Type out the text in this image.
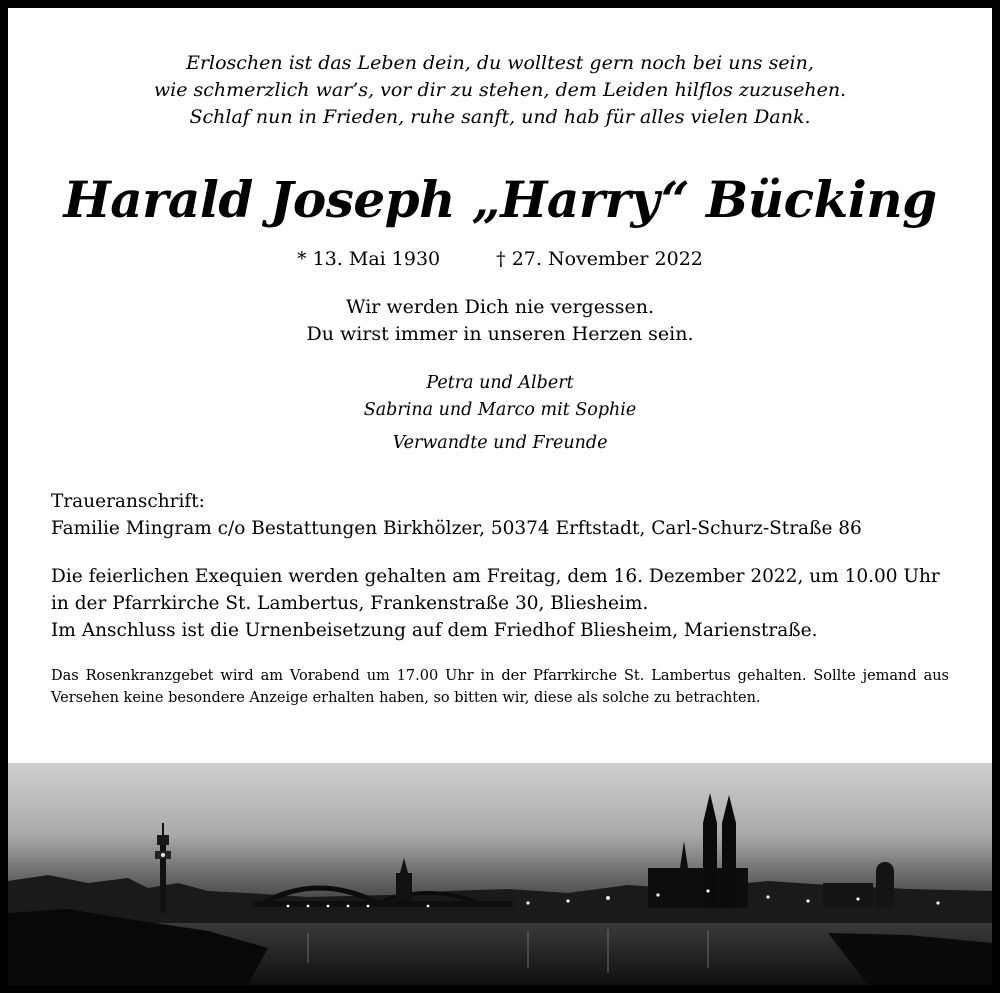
Erloschen ist das Leben dein, du wolltest gern noch bei uns sein,
wie schmerzlich war’s, vor dir zu stehen, dem Leiden hilflos zuzusehen.
Schlaf nun in Frieden, ruhe sanft, und hab für alles vielen Dank.
Harald Joseph „Harry“ Bücking
* 13. Mai 1930	† 27. November 2022
Wir werden Dich nie vergessen.
Du wirst immer in unseren Herzen sein.
Petra und Albert
Sabrina und Marco mit Sophie
Verwandte und Freunde
Traueranschrift:
Familie Mingram c/o Bestattungen Birkhölzer, 50374 Erftstadt, Carl-Schurz-Straße 86
Die feierlichen Exequien werden gehalten am Freitag, dem 16. Dezember 2022, um 10.00 Uhr
in der Pfarrkirche St. Lambertus, Frankenstraße 30, Bliesheim.
Im Anschluss ist die Urnenbeisetzung auf dem Friedhof Bliesheim, Marienstraße.
Das Rosenkranzgebet wird am Vorabend um 17.00 Uhr in der Pfarrkirche St. Lambertus gehalten. Sollte jemand aus Versehen keine besondere Anzeige erhalten haben, so bitten wir, diese als solche zu betrachten.
